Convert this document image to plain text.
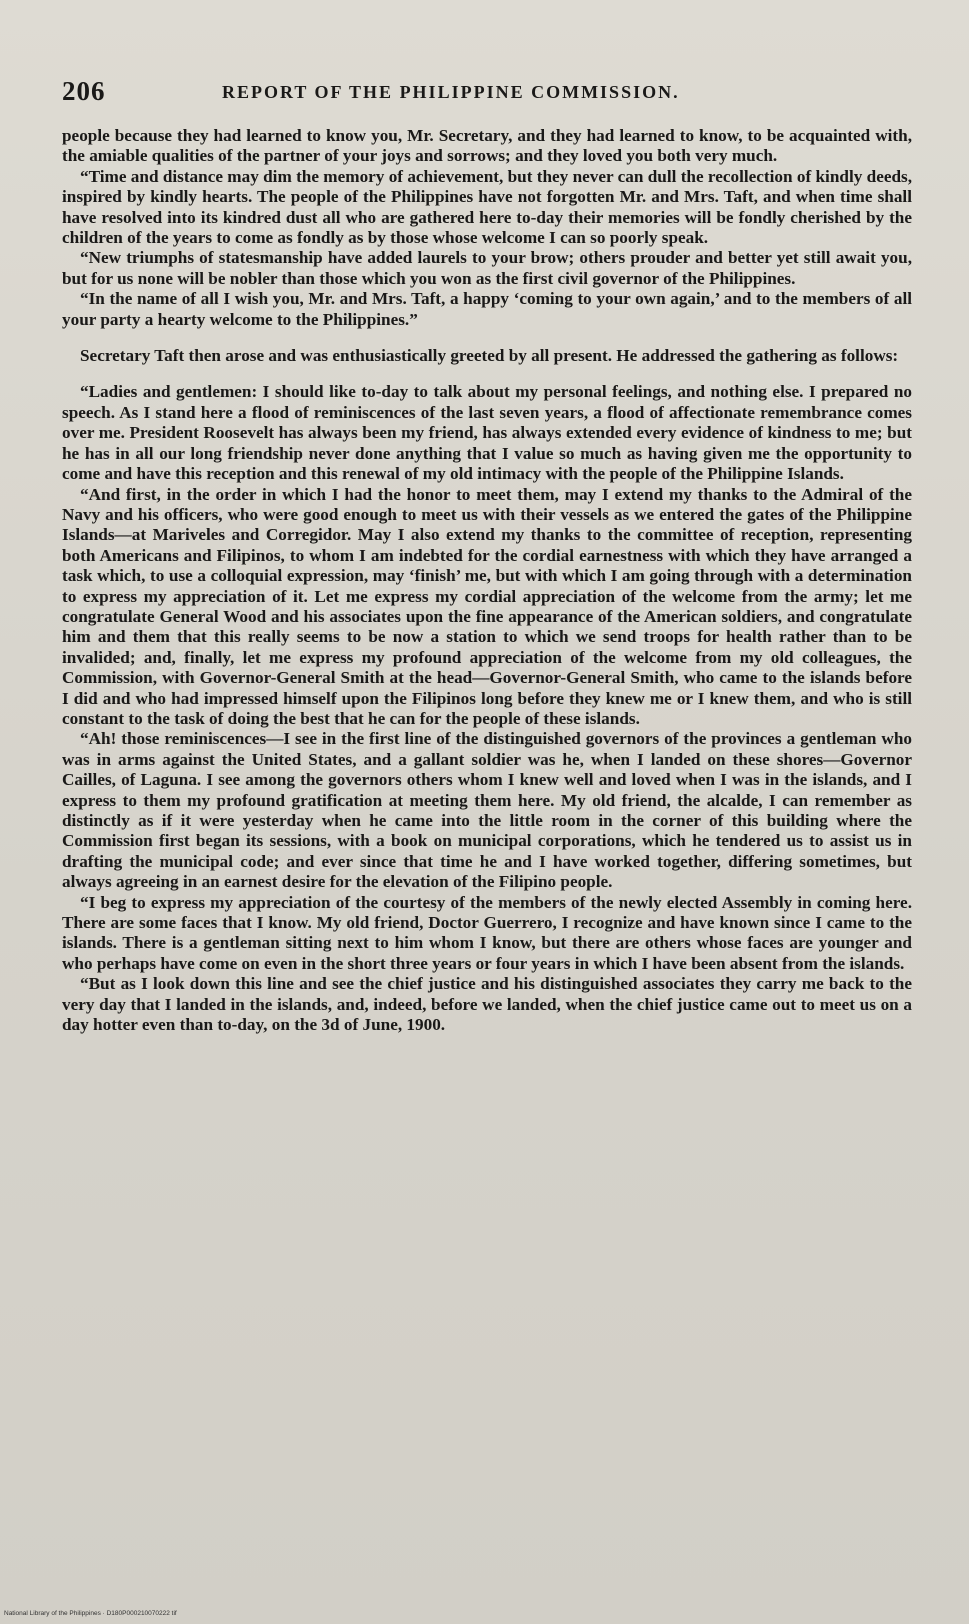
206	REPORT OF THE PHILIPPINE COMMISSION.

people because they had learned to know you, Mr. Secretary, and they had learned to know, to be acquainted with, the amiable qualities of the partner of your joys and sorrows; and they loved you both very much.

“Time and distance may dim the memory of achievement, but they never can dull the recollection of kindly deeds, inspired by kindly hearts. The people of the Philippines have not forgotten Mr. and Mrs. Taft, and when time shall have resolved into its kindred dust all who are gathered here to-day their memories will be fondly cherished by the children of the years to come as fondly as by those whose welcome I can so poorly speak.

“New triumphs of statesmanship have added laurels to your brow; others prouder and better yet still await you, but for us none will be nobler than those which you won as the first civil governor of the Philippines.

“In the name of all I wish you, Mr. and Mrs. Taft, a happy ‘coming to your own again,’ and to the members of all your party a hearty welcome to the Philippines.”

Secretary Taft then arose and was enthusiastically greeted by all present. He addressed the gathering as follows:

“Ladies and gentlemen: I should like to-day to talk about my personal feelings, and nothing else. I prepared no speech. As I stand here a flood of reminiscences of the last seven years, a flood of affectionate remembrance comes over me. President Roosevelt has always been my friend, has always extended every evidence of kindness to me; but he has in all our long friendship never done anything that I value so much as having given me the opportunity to come and have this reception and this renewal of my old intimacy with the people of the Philippine Islands.

“And first, in the order in which I had the honor to meet them, may I extend my thanks to the Admiral of the Navy and his officers, who were good enough to meet us with their vessels as we entered the gates of the Philippine Islands—at Mariveles and Corregidor. May I also extend my thanks to the committee of reception, representing both Americans and Filipinos, to whom I am indebted for the cordial earnestness with which they have arranged a task which, to use a colloquial expression, may ‘finish’ me, but with which I am going through with a determination to express my appreciation of it. Let me express my cordial appreciation of the welcome from the army; let me congratulate General Wood and his associates upon the fine appearance of the American soldiers, and congratulate him and them that this really seems to be now a station to which we send troops for health rather than to be invalided; and, finally, let me express my profound appreciation of the welcome from my old colleagues, the Commission, with Governor-General Smith at the head—Governor-General Smith, who came to the islands before I did and who had impressed himself upon the Filipinos long before they knew me or I knew them, and who is still constant to the task of doing the best that he can for the people of these islands.

“Ah! those reminiscences—I see in the first line of the distinguished governors of the provinces a gentleman who was in arms against the United States, and a gallant soldier was he, when I landed on these shores—Governor Cailles, of Laguna. I see among the governors others whom I knew well and loved when I was in the islands, and I express to them my profound gratification at meeting them here. My old friend, the alcalde, I can remember as distinctly as if it were yesterday when he came into the little room in the corner of this building where the Commission first began its sessions, with a book on municipal corporations, which he tendered us to assist us in drafting the municipal code; and ever since that time he and I have worked together, differing sometimes, but always agreeing in an earnest desire for the elevation of the Filipino people.

“I beg to express my appreciation of the courtesy of the members of the newly elected Assembly in coming here. There are some faces that I know. My old friend, Doctor Guerrero, I recognize and have known since I came to the islands. There is a gentleman sitting next to him whom I know, but there are others whose faces are younger and who perhaps have come on even in the short three years or four years in which I have been absent from the islands.

“But as I look down this line and see the chief justice and his distinguished associates they carry me back to the very day that I landed in the islands, and, indeed, before we landed, when the chief justice came out to meet us on a day hotter even than to-day, on the 3d of June, 1900.

National Library of the Philippines · D180P000210070222 tif
